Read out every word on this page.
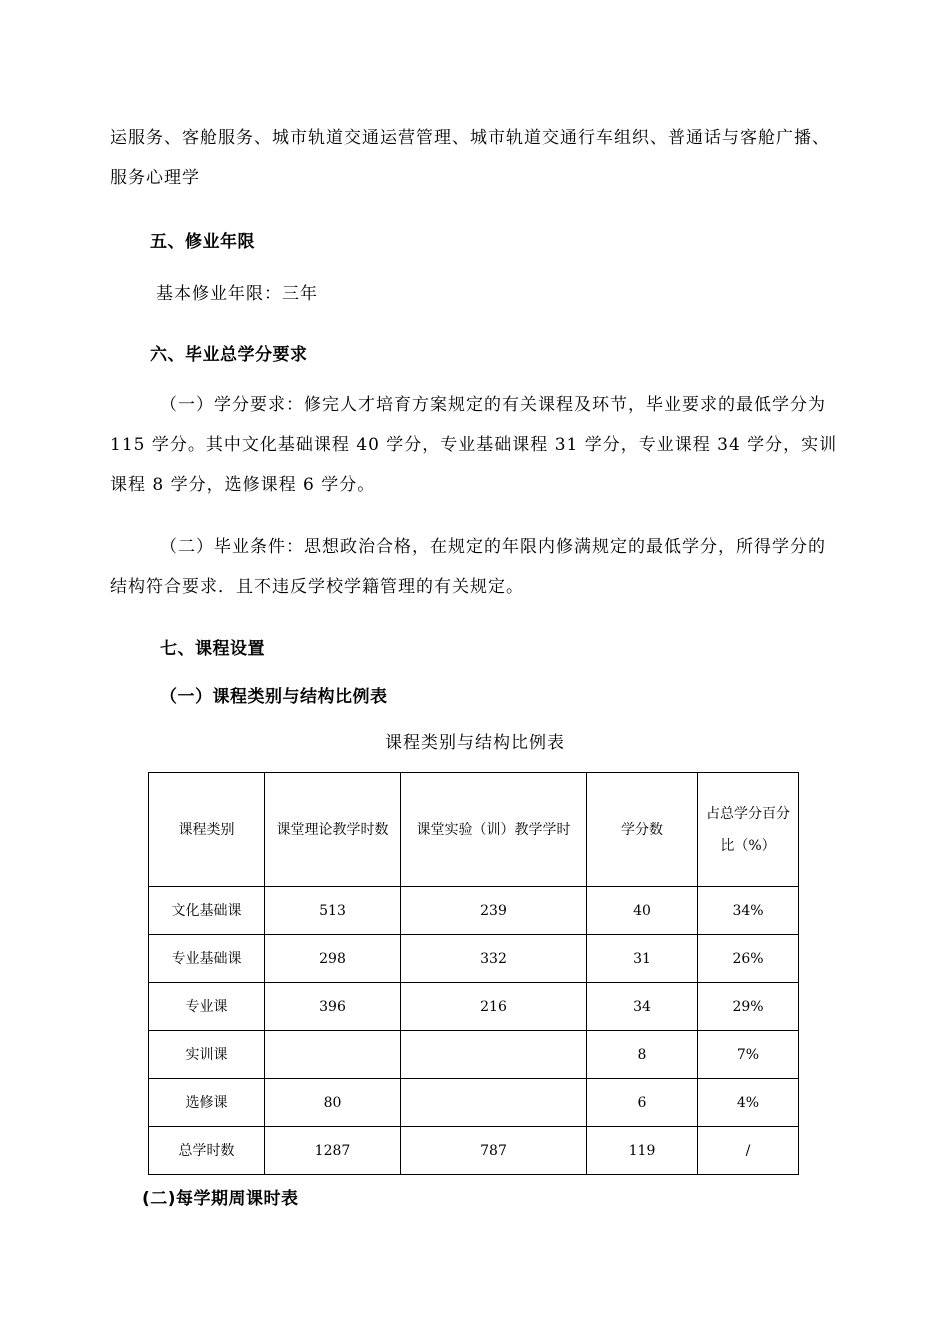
运服务、客舱服务、城市轨道交通运营管理、城市轨道交通行车组织、普通话与客舱广播、服务心理学

五、修业年限

基本修业年限：三年

六、毕业总学分要求

（一）学分要求：修完人才培育方案规定的有关课程及环节，毕业要求的最低学分为 115 学分。其中文化基础课程 40 学分，专业基础课程 31 学分，专业课程 34 学分，实训课程 8 学分，选修课程 6 学分。

（二）毕业条件：思想政治合格，在规定的年限内修满规定的最低学分，所得学分的结构符合要求．且不违反学校学籍管理的有关规定。

七、课程设置
（一）课程类别与结构比例表
课程类别与结构比例表
课程类别	课堂理论教学时数	课堂实验（训）教学学时	学分数	占总学分百分比（%）
文化基础课	513	239	40	34%
专业基础课	298	332	31	26%
专业课	396	216	34	29%
实训课			8	7%
选修课	80		6	4%
总学时数	1287	787	119	/
(二)每学期周课时表
